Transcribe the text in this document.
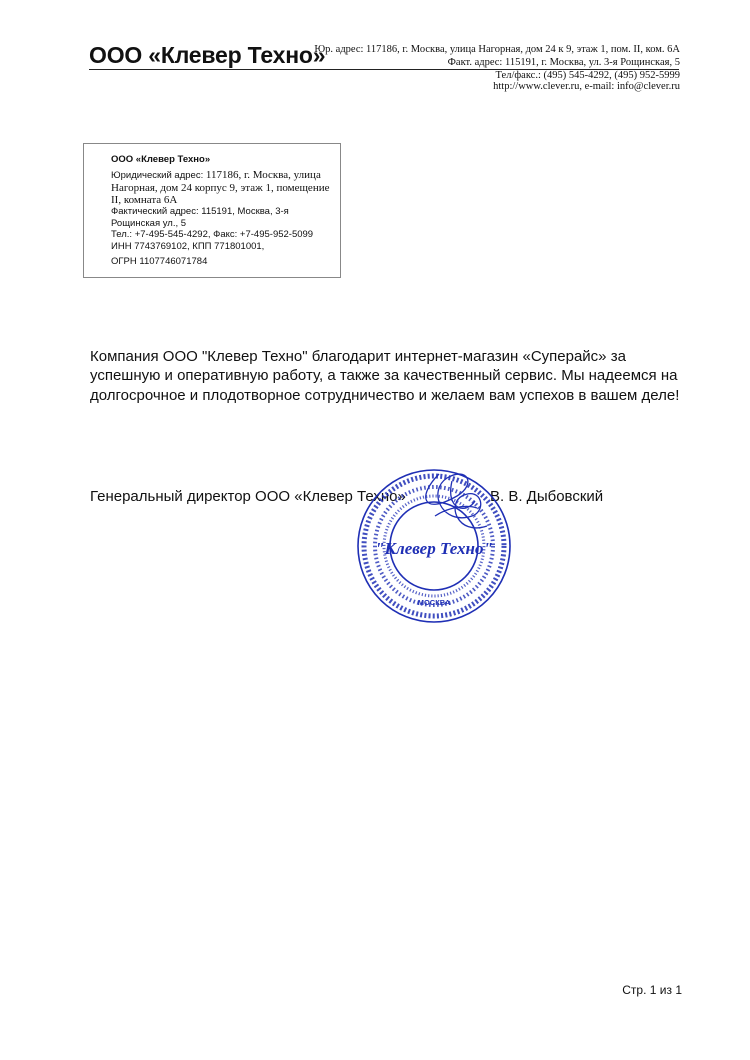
ООО «Клевер Техно»
Юр. адрес: 117186, г. Москва, улица Нагорная, дом 24 к 9, этаж 1, пом. II, ком. 6А
Факт. адрес: 115191, г. Москва, ул. 3-я Рощинская, 5
Тел/факс.: (495) 545-4292, (495) 952-5999
http://www.clever.ru, e-mail: info@clever.ru
ООО «Клевер Техно»
Юридический адрес: 117186, г. Москва, улица Нагорная, дом 24 корпус 9, этаж 1, помещение II, комната 6А
Фактический адрес: 115191, Москва, 3-я Рощинская ул., 5
Тел.: +7-495-545-4292, Факс: +7-495-952-5099
ИНН 7743769102, КПП 771801001,
ОГРН 1107746071784
Компания ООО "Клевер Техно" благодарит интернет-магазин «Суперайс» за успешную и оперативную работу, а также за качественный сервис. Мы надеемся на долгосрочное и плодотворное сотрудничество и желаем вам успехов в вашем деле!
Генеральный директор ООО «Клевер Техно»	В. В. Дыбовский
"Клевер Техно"
МОСКВА
Стр. 1 из 1
